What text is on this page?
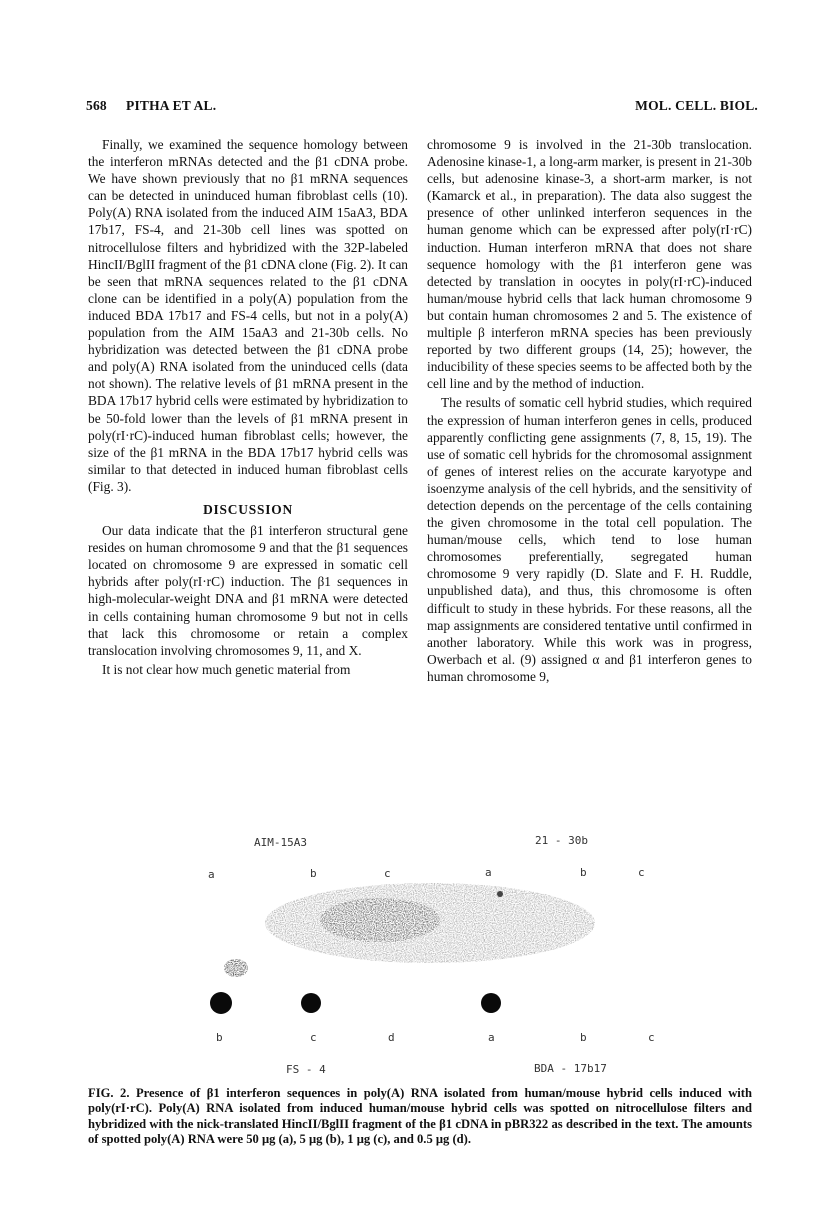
568 PITHA ET AL.	MOL. CELL. BIOL.

Finally, we examined the sequence homology between the interferon mRNAs detected and the β1 cDNA probe. We have shown previously that no β1 mRNA sequences can be detected in uninduced human fibroblast cells (10). Poly(A) RNA isolated from the induced AIM 15aA3, BDA 17b17, FS-4, and 21-30b cell lines was spotted on nitrocellulose filters and hybridized with the 32P-labeled HincII/BglII fragment of the β1 cDNA clone (Fig. 2). It can be seen that mRNA sequences related to the β1 cDNA clone can be identified in a poly(A) population from the induced BDA 17b17 and FS-4 cells, but not in a poly(A) population from the AIM 15aA3 and 21-30b cells. No hybridization was detected between the β1 cDNA probe and poly(A) RNA isolated from the uninduced cells (data not shown). The relative levels of β1 mRNA present in the BDA 17b17 hybrid cells were estimated by hybridization to be 50-fold lower than the levels of β1 mRNA present in poly(rI·rC)-induced human fibroblast cells; however, the size of the β1 mRNA in the BDA 17b17 hybrid cells was similar to that detected in induced human fibroblast cells (Fig. 3).

DISCUSSION

Our data indicate that the β1 interferon structural gene resides on human chromosome 9 and that the β1 sequences located on chromosome 9 are expressed in somatic cell hybrids after poly(rI·rC) induction. The β1 sequences in high-molecular-weight DNA and β1 mRNA were detected in cells containing human chromosome 9 but not in cells that lack this chromosome or retain a complex translocation involving chromosomes 9, 11, and X.

It is not clear how much genetic material from

chromosome 9 is involved in the 21-30b translocation. Adenosine kinase-1, a long-arm marker, is present in 21-30b cells, but adenosine kinase-3, a short-arm marker, is not (Kamarck et al., in preparation). The data also suggest the presence of other unlinked interferon sequences in the human genome which can be expressed after poly(rI·rC) induction. Human interferon mRNA that does not share sequence homology with the β1 interferon gene was detected by translation in oocytes in poly(rI·rC)-induced human/mouse hybrid cells that lack human chromosome 9 but contain human chromosomes 2 and 5. The existence of multiple β interferon mRNA species has been previously reported by two different groups (14, 25); however, the inducibility of these species seems to be affected both by the cell line and by the method of induction.

The results of somatic cell hybrid studies, which required the expression of human interferon genes in cells, produced apparently conflicting gene assignments (7, 8, 15, 19). The use of somatic cell hybrids for the chromosomal assignment of genes of interest relies on the accurate karyotype and isoenzyme analysis of the cell hybrids, and the sensitivity of detection depends on the percentage of the cells containing the given chromosome in the total cell population. The human/mouse cells, which tend to lose human chromosomes preferentially, segregated human chromosome 9 very rapidly (D. Slate and F. H. Ruddle, unpublished data), and thus, this chromosome is often difficult to study in these hybrids. For these reasons, all the map assignments are considered tentative until confirmed in another laboratory. While this work was in progress, Owerbach et al. (9) assigned α and β1 interferon genes to human chromosome 9,

AIM-15A3	21 - 30b
a	b	c	a	b	c
b	c	d	a	b	c
FS - 4	BDA - 17b17
FIG. 2. Presence of β1 interferon sequences in poly(A) RNA isolated from human/mouse hybrid cells induced with poly(rI·rC). Poly(A) RNA isolated from induced human/mouse hybrid cells was spotted on nitrocellulose filters and hybridized with the nick-translated HincII/BglII fragment of the β1 cDNA in pBR322 as described in the text. The amounts of spotted poly(A) RNA were 50 μg (a), 5 μg (b), 1 μg (c), and 0.5 μg (d).
